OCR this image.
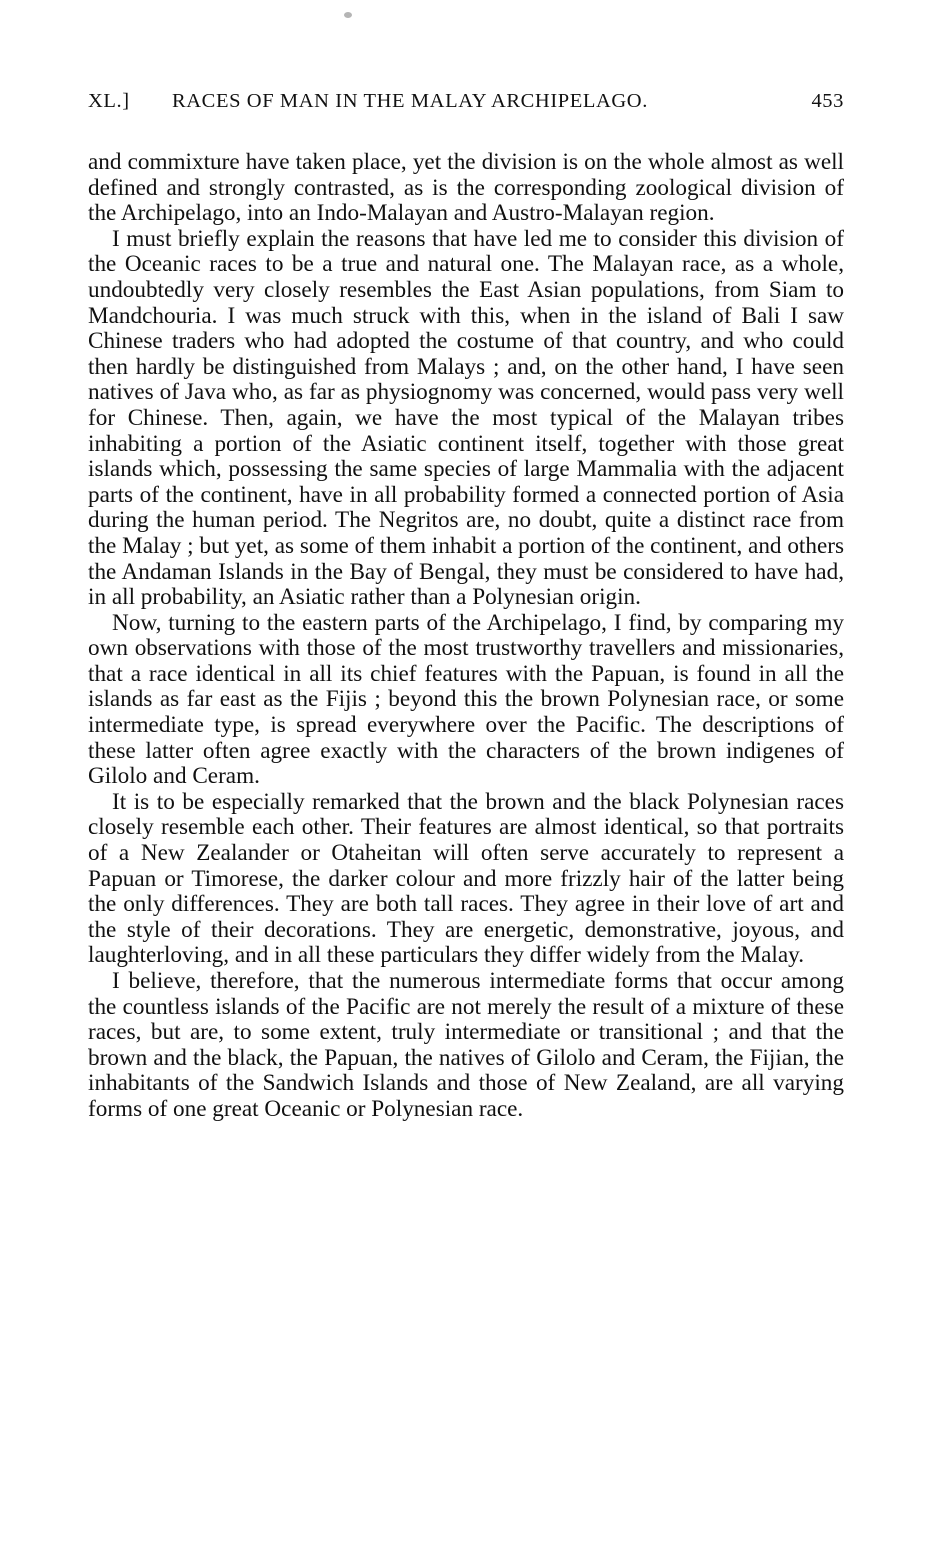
XL.] RACES OF MAN IN THE MALAY ARCHIPELAGO.	453

and commixture have taken place, yet the division is on the whole almost as well defined and strongly contrasted, as is the corresponding zoological division of the Archipelago, into an Indo-Malayan and Austro-Malayan region.

I must briefly explain the reasons that have led me to consider this division of the Oceanic races to be a true and natural one. The Malayan race, as a whole, undoubtedly very closely resembles the East Asian populations, from Siam to Mandchouria. I was much struck with this, when in the island of Bali I saw Chinese traders who had adopted the costume of that country, and who could then hardly be distinguished from Malays ; and, on the other hand, I have seen natives of Java who, as far as physiognomy was concerned, would pass very well for Chinese. Then, again, we have the most typical of the Malayan tribes inhabiting a portion of the Asiatic continent itself, together with those great islands which, possessing the same species of large Mammalia with the adjacent parts of the continent, have in all probability formed a connected portion of Asia during the human period. The Negritos are, no doubt, quite a distinct race from the Malay ; but yet, as some of them inhabit a portion of the continent, and others the Andaman Islands in the Bay of Bengal, they must be considered to have had, in all probability, an Asiatic rather than a Polynesian origin.

Now, turning to the eastern parts of the Archipelago, I find, by comparing my own observations with those of the most trustworthy travellers and missionaries, that a race identical in all its chief features with the Papuan, is found in all the islands as far east as the Fijis ; beyond this the brown Polynesian race, or some intermediate type, is spread everywhere over the Pacific. The descriptions of these latter often agree exactly with the characters of the brown indigenes of Gilolo and Ceram.

It is to be especially remarked that the brown and the black Polynesian races closely resemble each other. Their features are almost identical, so that portraits of a New Zealander or Otaheitan will often serve accurately to represent a Papuan or Timorese, the darker colour and more frizzly hair of the latter being the only differences. They are both tall races. They agree in their love of art and the style of their decorations. They are energetic, demonstrative, joyous, and laughterloving, and in all these particulars they differ widely from the Malay.

I believe, therefore, that the numerous intermediate forms that occur among the countless islands of the Pacific are not merely the result of a mixture of these races, but are, to some extent, truly intermediate or transitional ; and that the brown and the black, the Papuan, the natives of Gilolo and Ceram, the Fijian, the inhabitants of the Sandwich Islands and those of New Zealand, are all varying forms of one great Oceanic or Polynesian race.
